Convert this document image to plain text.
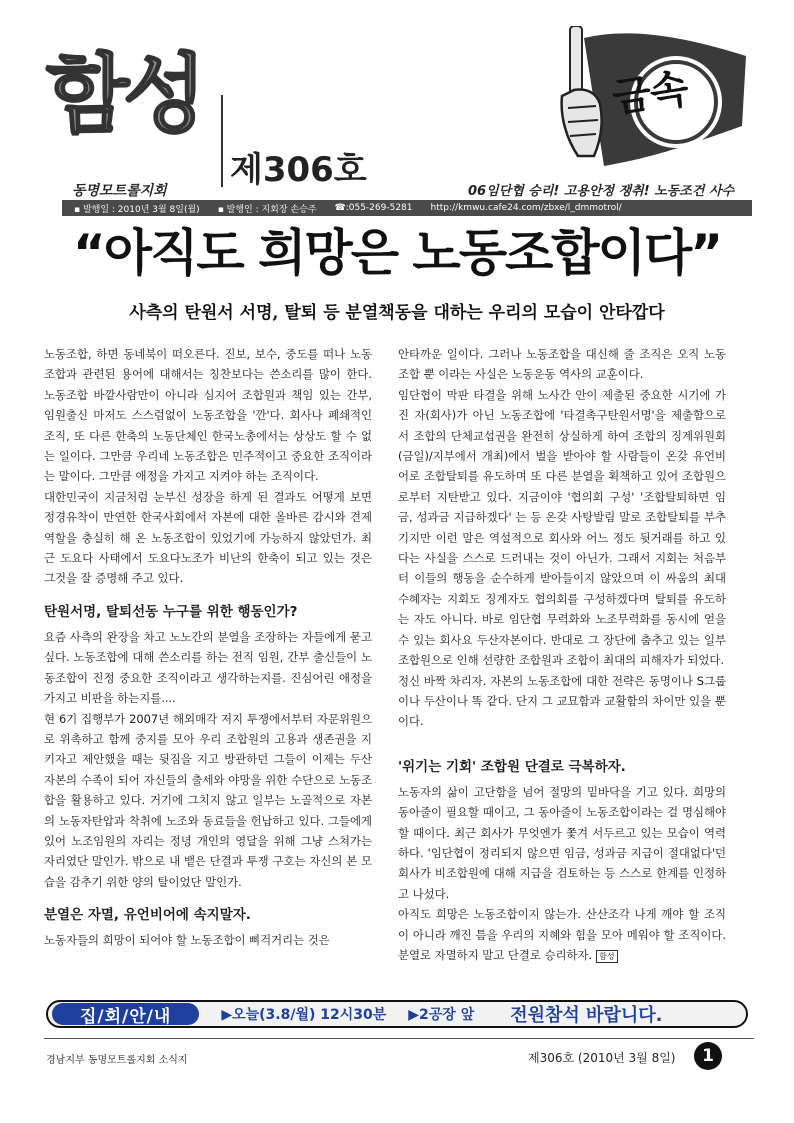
함성
제306호
동명모트롤지회
금속
06임단협 승리! 고용안정 쟁취! 노동조건 사수
▪ 발행일 : 2010년 3월 8일(월) ▪ 발행인 : 지회장 손승주 ☎:055-269-5281 http://kmwu.cafe24.com/zbxe/l_dmmotrol/
“아직도 희망은 노동조합이다”
사측의 탄원서 서명, 탈퇴 등 분열책동을 대하는 우리의 모습이 안타깝다

노동조합, 하면 동네북이 떠오른다. 진보, 보수, 중도를 떠나 노동조합과 관련된 용어에 대해서는 칭찬보다는 쓴소리를 많이 한다. 노동조합 바깥사람만이 아니라 심지어 조합원과 책임 있는 간부, 임원출신 마저도 스스럼없이 노동조합을 '깐'다. 회사나 폐쇄적인 조직, 또 다른 한축의 노동단체인 한국노총에서는 상상도 할 수 없는 일이다. 그만큼 우리네 노동조합은 민주적이고 중요한 조직이라는 말이다. 그만큼 애정을 가지고 지켜야 하는 조직이다.

대한민국이 지금처럼 눈부신 성장을 하게 된 결과도 어떻게 보면 정경유착이 만연한 한국사회에서 자본에 대한 올바른 감시와 견제 역할을 충실히 해 온 노동조합이 있었기에 가능하지 않았던가. 최근 도요다 사태에서 도요다노조가 비난의 한축이 되고 있는 것은 그것을 잘 증명해 주고 있다.

탄원서명, 탈퇴선동 누구를 위한 행동인가?

요즘 사측의 완장을 차고 노노간의 분열을 조장하는 자들에게 묻고 싶다. 노동조합에 대해 쓴소리를 하는 전직 임원, 간부 출신들이 노동조합이 진정 중요한 조직이라고 생각하는지를. 진심어린 애정을 가지고 비판을 하는지를....

현 6기 집행부가 2007년 해외매각 저지 투쟁에서부터 자문위원으로 위촉하고 함께 중지를 모아 우리 조합원의 고용과 생존권을 지키자고 제안했을 때는 뒷짐을 지고 방관하던 그들이 이제는 두산 자본의 수족이 되어 자신들의 출세와 야망을 위한 수단으로 노동조합을 활용하고 있다. 거기에 그치지 않고 일부는 노골적으로 자본의 노동자탄압과 착취에 노조와 동료들을 헌납하고 있다. 그들에게 있어 노조임원의 자리는 정녕 개인의 영달을 위해 그냥 스쳐가는 자리였단 말인가. 밖으로 내 뱉은 단결과 투쟁 구호는 자신의 본 모습을 감추기 위한 양의 탈이었단 말인가.

분열은 자멸, 유언비어에 속지말자.

노동자들의 희망이 되어야 할 노동조합이 삐걱거리는 것은

안타까운 일이다. 그러나 노동조합을 대신해 줄 조직은 오직 노동조합 뿐 이라는 사실은 노동운동 역사의 교훈이다.

임단협이 막판 타결을 위해 노사간 안이 제출된 중요한 시기에 가진 자(회사)가 아닌 노동조합에 '타결촉구탄원서명'을 제출함으로서 조합의 단체교섭권을 완전히 상실하게 하여 조합의 징계위원회(금일)/지부에서 개최)에서 벌을 받아야 할 사람들이 온갖 유언비어로 조합탈퇴를 유도하며 또 다른 분열을 획책하고 있어 조합원으로부터 지탄받고 있다. 지금이야 '협의회 구성' '조합탈퇴하면 임금, 성과금 지급하겠다' 는 등 온갖 사탕발림 말로 조합탈퇴를 부추기지만 이런 말은 역설적으로 회사와 어느 정도 뒷거래를 하고 있다는 사실을 스스로 드러내는 것이 아닌가. 그래서 지회는 처음부터 이들의 행동을 순수하게 받아들이지 않았으며 이 싸움의 최대 수혜자는 지회도 징계자도 협의회를 구성하겠다며 탈퇴를 유도하는 자도 아니다. 바로 임단협 무력화와 노조무력화를 동시에 얻을 수 있는 회사요 두산자본이다. 반대로 그 장단에 춤추고 있는 일부 조합원으로 인해 선량한 조합원과 조합이 최대의 피해자가 되었다.

정신 바짝 차리자. 자본의 노동조합에 대한 전략은 동명이나 S그룹이나 두산이나 똑 같다. 단지 그 교묘함과 교활함의 차이만 있을 뿐이다.

'위기는 기회' 조합원 단결로 극복하자.

노동자의 삶이 고단함을 넘어 절망의 밑바닥을 기고 있다. 희망의 동아줄이 필요할 때이고, 그 동아줄이 노동조합이라는 걸 명심해야 할 때이다. 최근 회사가 무엇엔가 쫓겨 서두르고 있는 모습이 역력하다. '임단협이 정리되지 않으면 임금, 성과금 지급이 절대없다'던 회사가 비조합원에 대해 지급을 검토하는 등 스스로 한계를 인정하고 나섰다.

아직도 희망은 노동조합이지 않는가. 산산조각 나게 깨야 할 조직이 아니라 깨진 틈을 우리의 지혜와 힘을 모아 메워야 할 조직이다. 분열로 자멸하지 말고 단결로 승리하자. 함성

집/회/안/내	▶오늘(3.8/월) 12시30분 ▶2공장 앞 전원참석 바랍니다.
경남지부 동명모트롤지회 소식지	제306호 (2010년 3월 8일)	1
